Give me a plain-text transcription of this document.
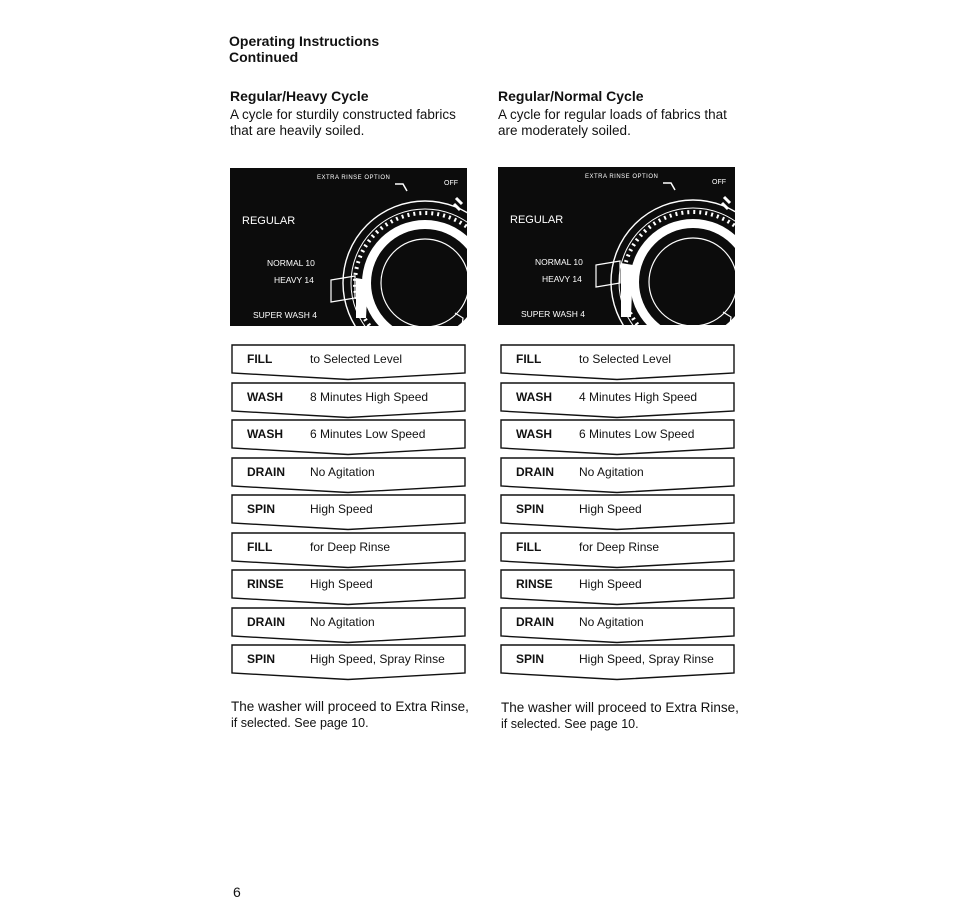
Operating Instructions
Continued

Regular/Heavy Cycle

A cycle for sturdily constructed fabrics
that are heavily soiled.
EXTRA RINSE OPTION
OFF
REGULAR
NORMAL 10
HEAVY 14
SUPER WASH 4
FILL	to Selected Level
WASH 8 Minutes High Speed
WASH 6 Minutes Low Speed
DRAIN No Agitation
SPIN	High Speed
FILL	for Deep Rinse
RINSE High Speed
DRAIN No Agitation
SPIN	High Speed, Spray Rinse
The washer will proceed to Extra Rinse,
if selected. See page 10.

Regular/Normal Cycle

A cycle for regular loads of fabrics that
are moderately soiled.
EXTRA RINSE OPTION
OFF
REGULAR
NORMAL 10
HEAVY 14
SUPER WASH 4
FILL	to Selected Level
WASH 4 Minutes High Speed
WASH 6 Minutes Low Speed
DRAIN No Agitation
SPIN	High Speed
FILL	for Deep Rinse
RINSE High Speed
DRAIN No Agitation
SPIN	High Speed, Spray Rinse
The washer will proceed to Extra Rinse,
if selected. See page 10.
6
